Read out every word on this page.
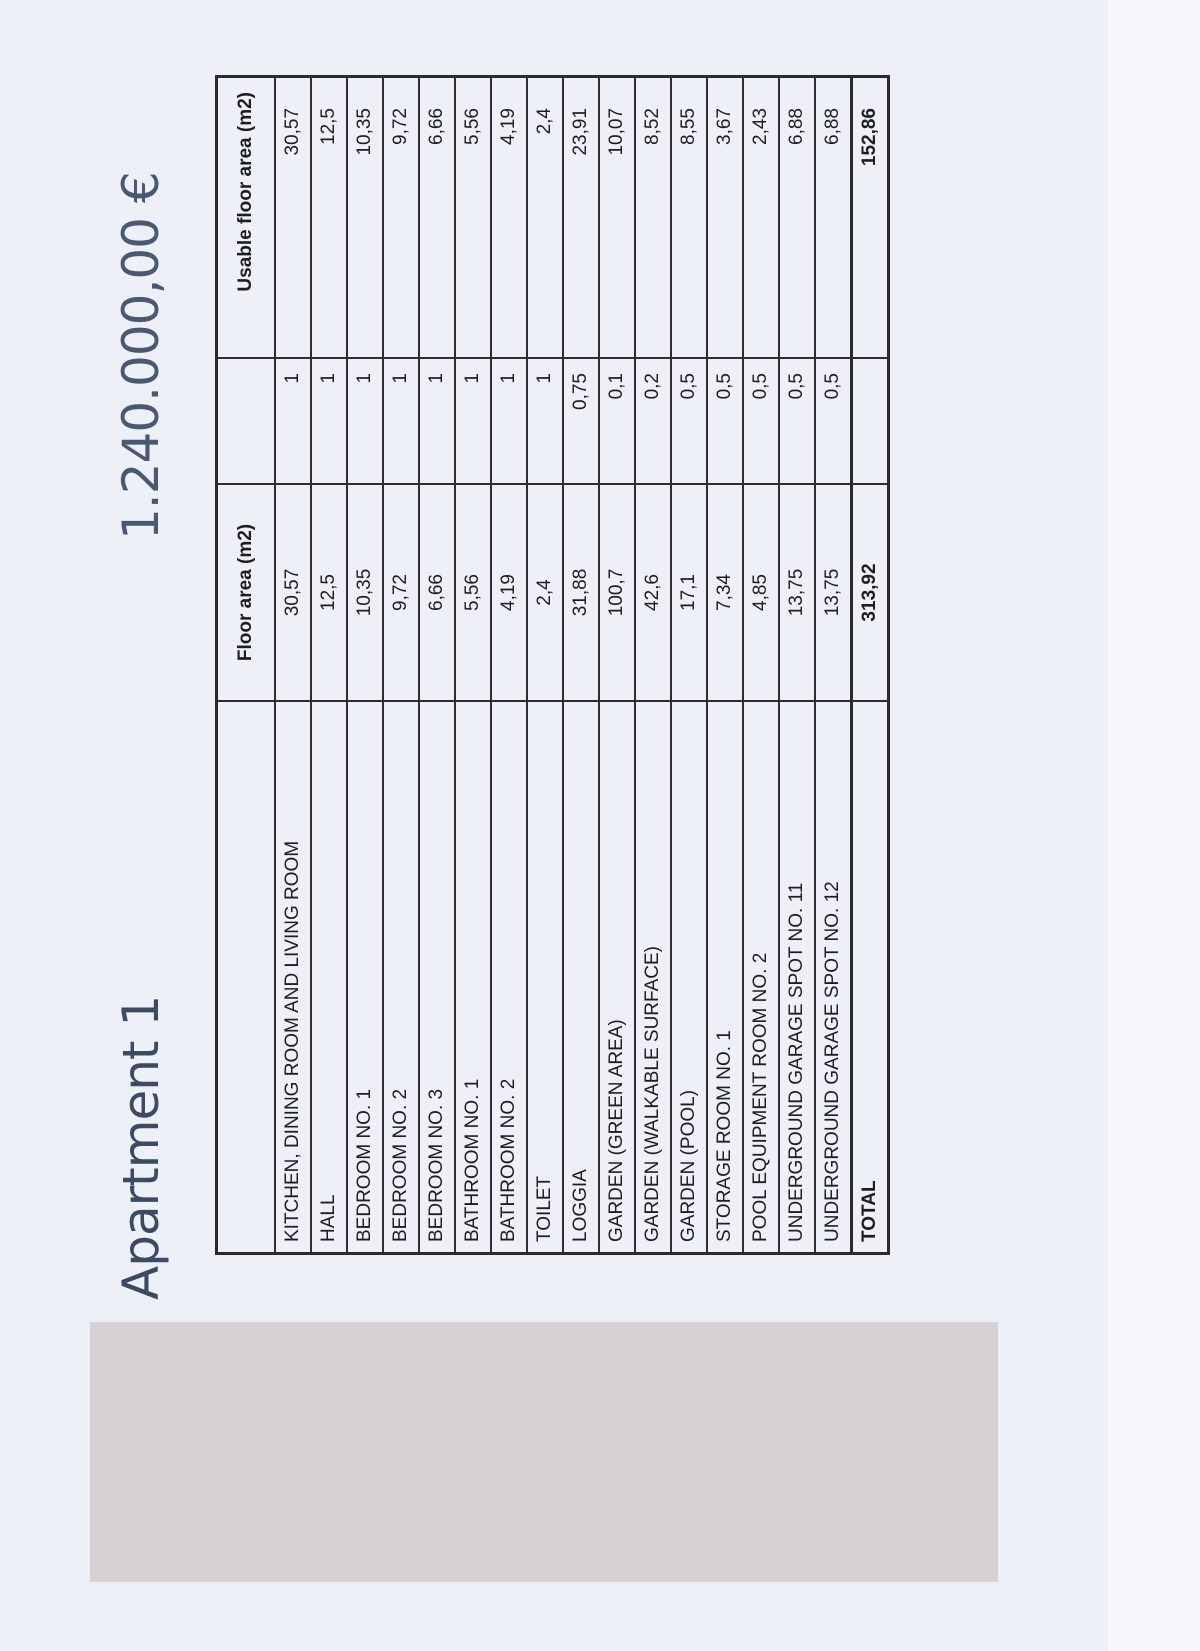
Apartment 1
1.240.000,00 €
	Floor area (m2)		Usable floor area (m2)
KITCHEN, DINING ROOM AND LIVING ROOM	30,57	1	30,57
HALL	12,5	1	12,5
BEDROOM NO. 1	10,35	1	10,35
BEDROOM NO. 2	9,72	1	9,72
BEDROOM NO. 3	6,66	1	6,66
BATHROOM NO. 1	5,56	1	5,56
BATHROOM NO. 2	4,19	1	4,19
TOILET	2,4	1	2,4
LOGGIA	31,88	0,75	23,91
GARDEN (GREEN AREA)	100,7	0,1	10,07
GARDEN (WALKABLE SURFACE)	42,6	0,2	8,52
GARDEN (POOL)	17,1	0,5	8,55
STORAGE ROOM NO. 1	7,34	0,5	3,67
POOL EQUIPMENT ROOM NO. 2	4,85	0,5	2,43
UNDERGROUND GARAGE SPOT NO. 11	13,75	0,5	6,88
UNDERGROUND GARAGE SPOT NO. 12	13,75	0,5	6,88
TOTAL	313,92		152,86
